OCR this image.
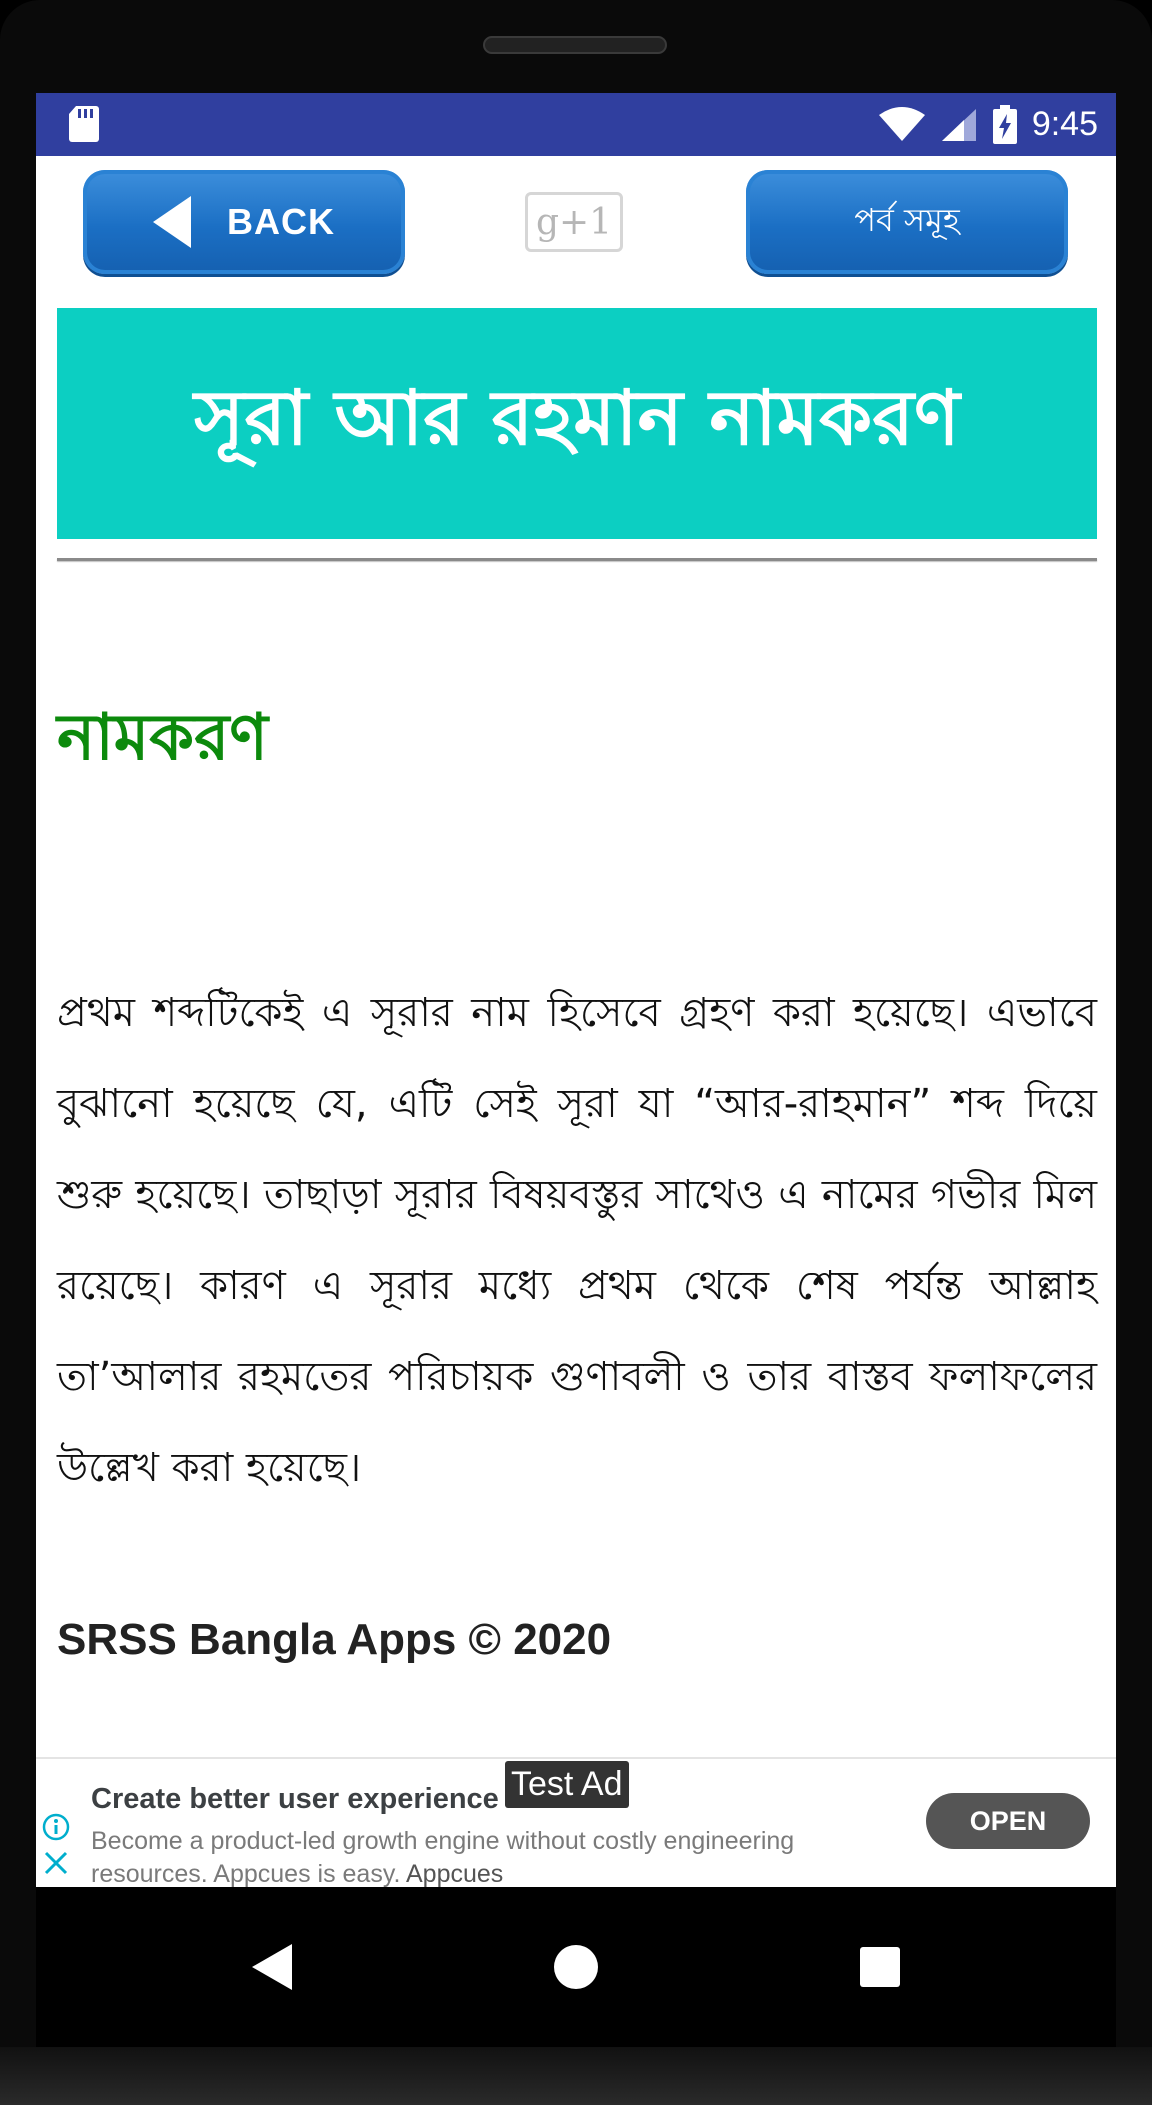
9:45
BACK	g+1	পর্ব সমূহ
সূরা আর রহমান নামকরণ
নামকরণ

প্রথম শব্দটিকেই এ সূরার নাম হিসেবে গ্রহণ করা হয়েছে। এভাবে বুঝানো হয়েছে যে, এটি সেই সূরা যা “আর-রাহমান” শব্দ দিয়ে শুরু হয়েছে। তাছাড়া সূরার বিষয়বস্তুর সাথেও এ নামের গভীর মিল রয়েছে। কারণ এ সূরার মধ্যে প্রথম থেকে শেষ পর্যন্ত আল্লাহ তা’আলার রহমতের পরিচায়ক গুণাবলী ও তার বাস্তব ফলাফলের উল্লেখ করা হয়েছে।

SRSS Bangla Apps © 2020

Create better user experience Test Ad
Become a product-led growth engine without costly engineering resources. Appcues is easy. Appcues
OPEN
